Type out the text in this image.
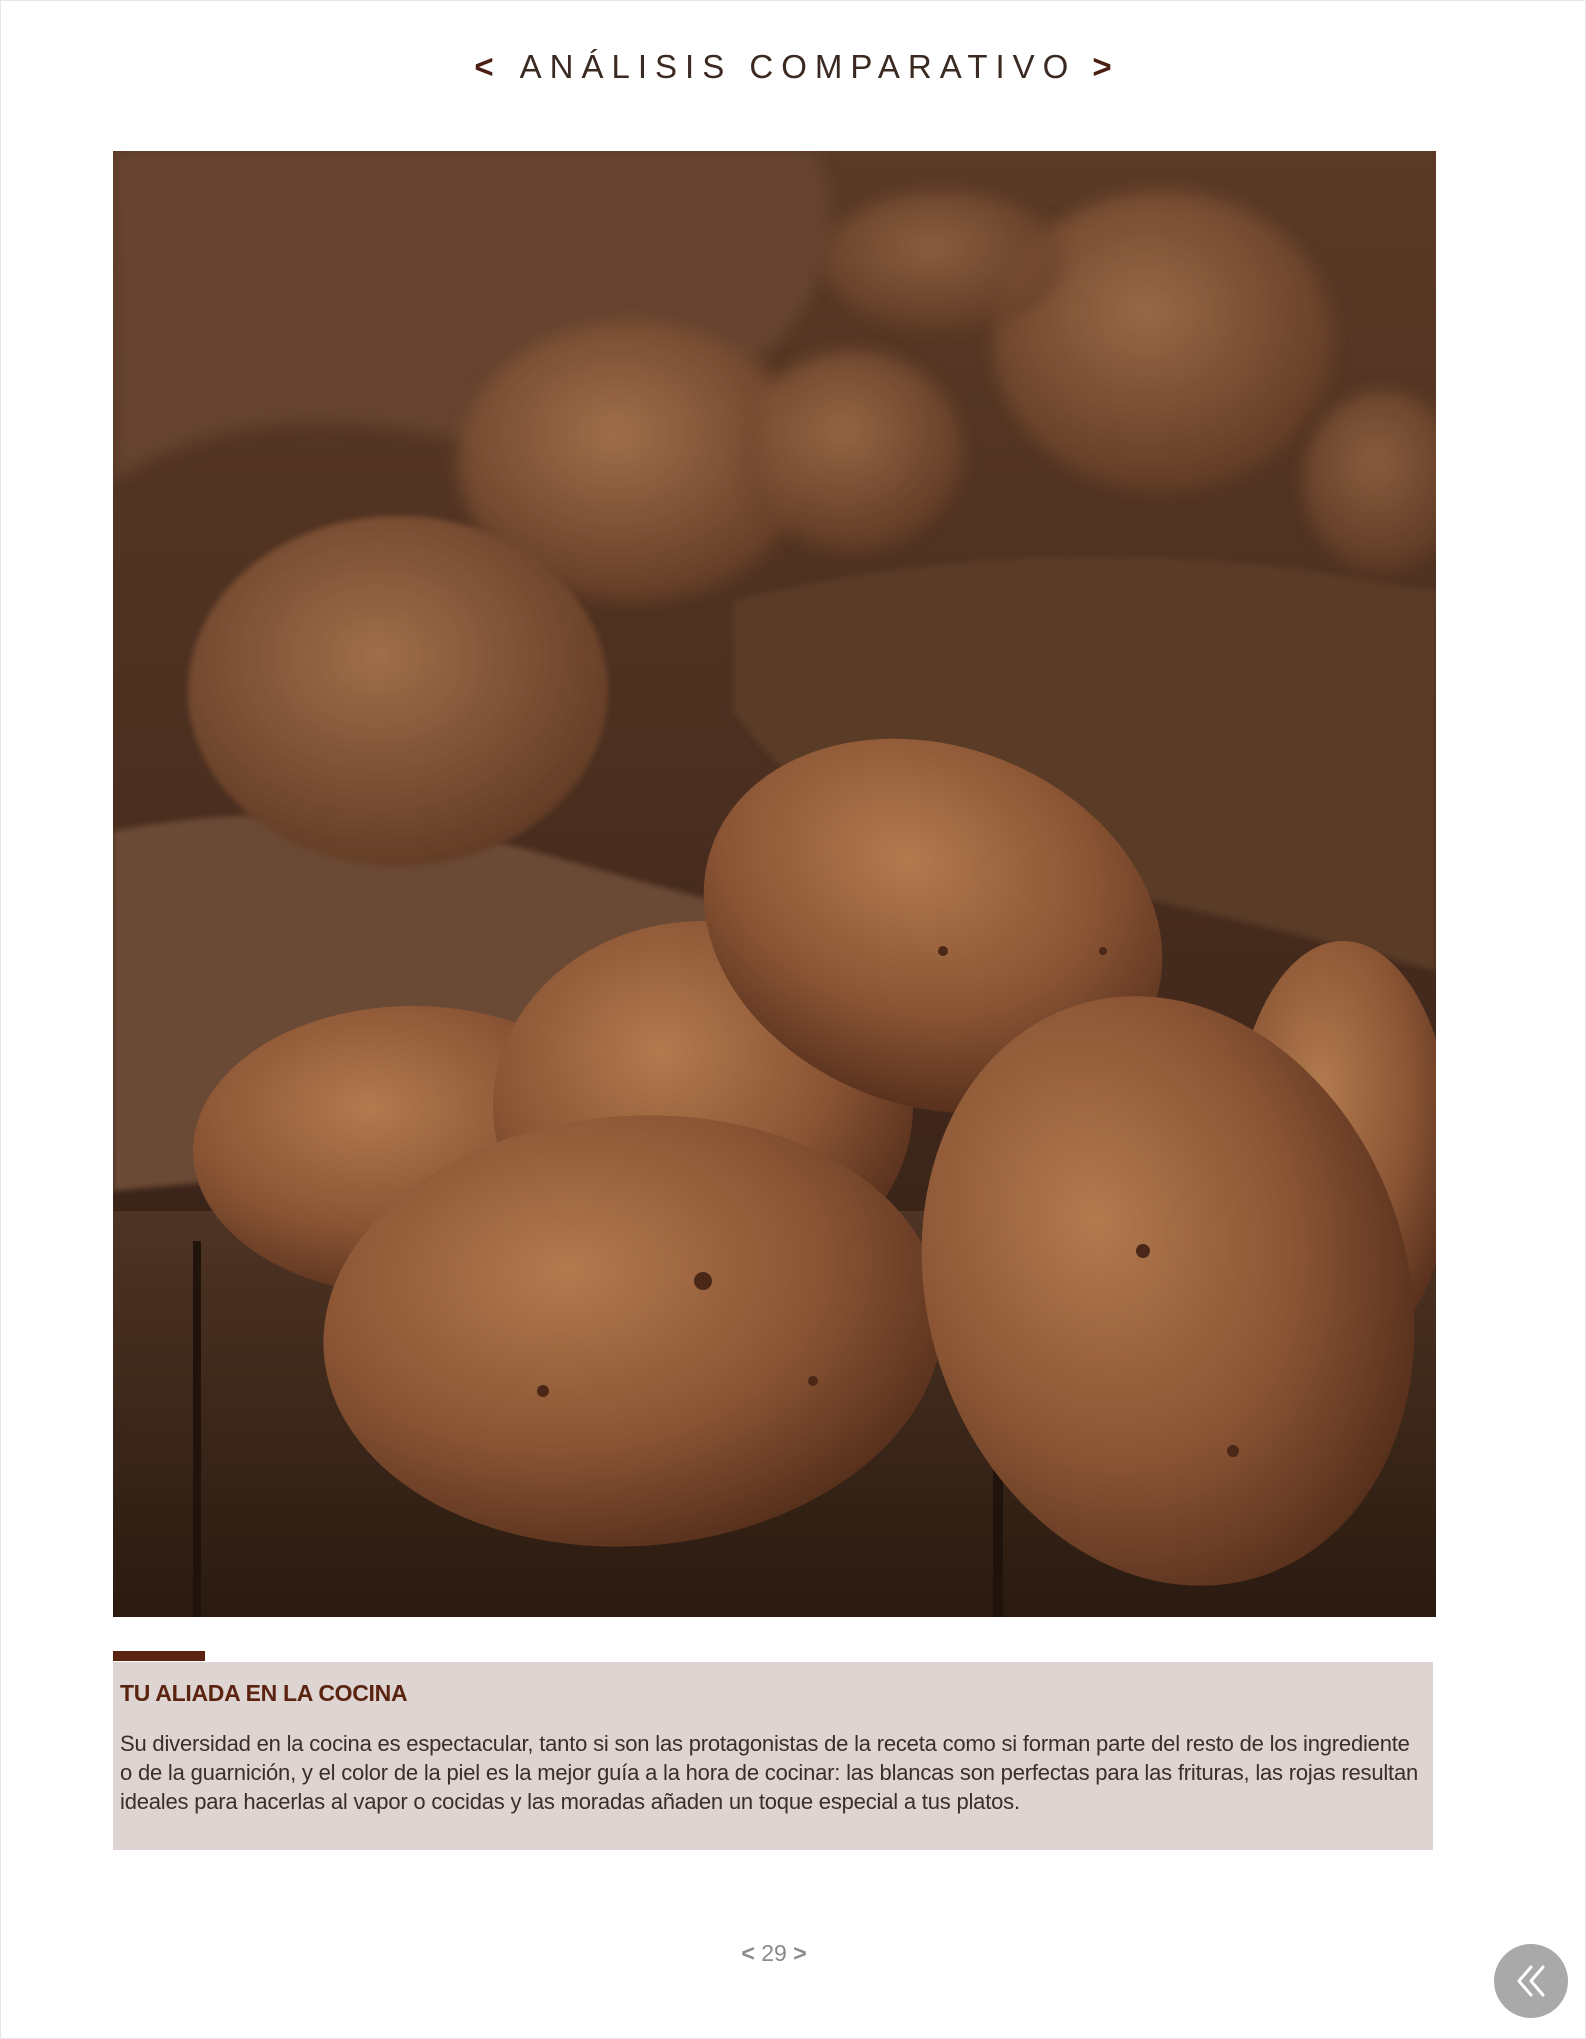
< ANÁLISIS COMPARATIVO >
TU ALIADA EN LA COCINA
Su diversidad en la cocina es espectacular, tanto si son las protagonistas de la receta como si forman parte del resto de los ingrediente o de la guarnición, y el color de la piel es la mejor guía a la hora de cocinar: las blancas son perfectas para las frituras, las rojas resultan ideales para hacerlas al vapor o cocidas y las moradas añaden un toque especial a tus platos.
< 29 >
